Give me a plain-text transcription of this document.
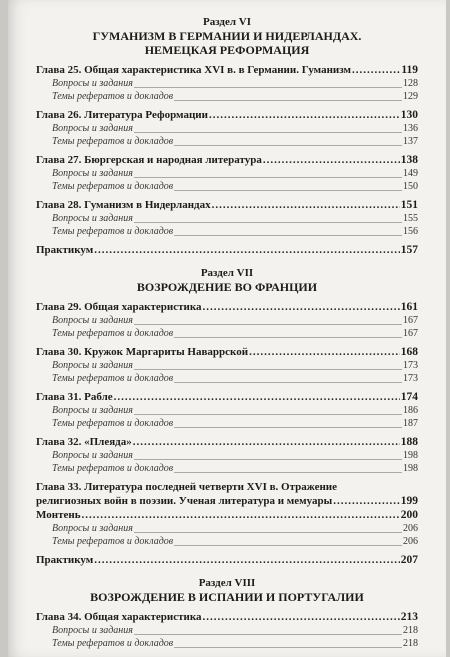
Раздел VI
ГУМАНИЗМ В ГЕРМАНИИ И НИДЕРЛАНДАХ.
НЕМЕЦКАЯ РЕФОРМАЦИЯ
Глава 25. Общая характеристика XVI в. в Германии. Гуманизм .....	119
Вопросы и задания _____	128
Темы рефератов и докладов _____	129
Глава 26. Литература Реформации .....	130
Вопросы и задания _____	136
Темы рефератов и докладов _____	137
Глава 27. Бюргерская и народная литература .....	138
Вопросы и задания _____	149
Темы рефератов и докладов _____	150
Глава 28. Гуманизм в Нидерландах .....	151
Вопросы и задания _____	155
Темы рефератов и докладов _____	156
Практикум .....	157
Раздел VII
ВОЗРОЖДЕНИЕ ВО ФРАНЦИИ
Глава 29. Общая характеристика .....	161
Вопросы и задания _____	167
Темы рефератов и докладов _____	167
Глава 30. Кружок Маргариты Наваррской .....	168
Вопросы и задания _____	173
Темы рефератов и докладов _____	173
Глава 31. Рабле .....	174
Вопросы и задания _____	186
Темы рефератов и докладов _____	187
Глава 32. «Плеяда» .....	188
Вопросы и задания _____	198
Темы рефератов и докладов _____	198
Глава 33. Литература последней четверти XVI в. Отражение
религиозных войн в поэзии. Ученая литература и мемуары .....	199
Монтень .....	200
Вопросы и задания _____	206
Темы рефератов и докладов _____	206
Практикум .....	207
Раздел VIII
ВОЗРОЖДЕНИЕ В ИСПАНИИ И ПОРТУГАЛИИ
Глава 34. Общая характеристика .....	213
Вопросы и задания _____	218
Темы рефератов и докладов _____	218
